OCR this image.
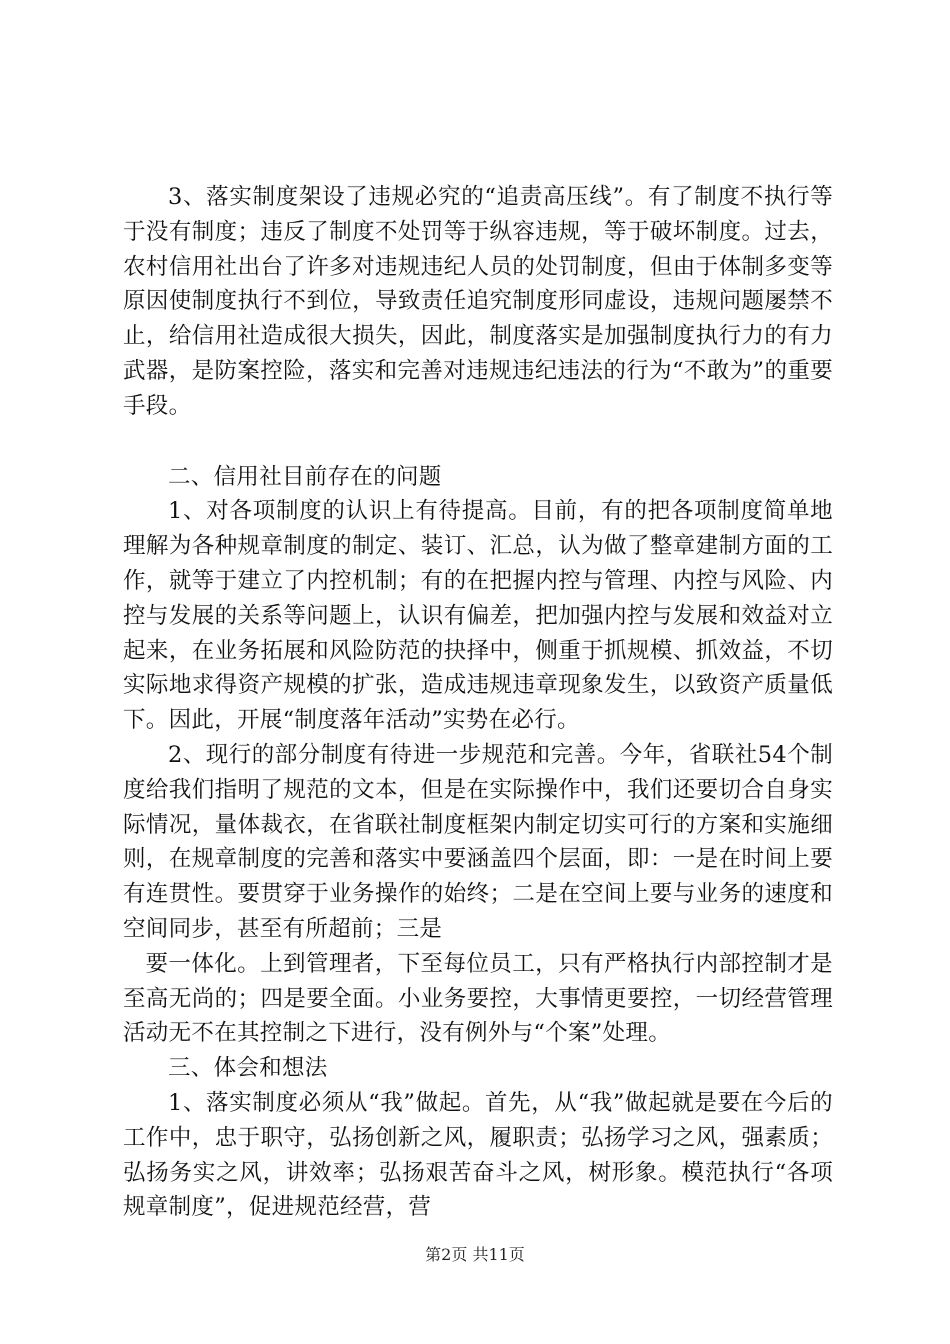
3、落实制度架设了违规必究的“追责高压线”。有了制度不执行等于没有制度；违反了制度不处罚等于纵容违规，等于破坏制度。过去，农村信用社出台了许多对违规违纪人员的处罚制度，但由于体制多变等原因使制度执行不到位，导致责任追究制度形同虚设，违规问题屡禁不止，给信用社造成很大损失，因此，制度落实是加强制度执行力的有力武器，是防案控险，落实和完善对违规违纪违法的行为“不敢为”的重要手段。

二、信用社目前存在的问题

1、对各项制度的认识上有待提高。目前，有的把各项制度简单地理解为各种规章制度的制定、装订、汇总，认为做了整章建制方面的工作，就等于建立了内控机制；有的在把握内控与管理、内控与风险、内控与发展的关系等问题上，认识有偏差，把加强内控与发展和效益对立起来，在业务拓展和风险防范的抉择中，侧重于抓规模、抓效益，不切实际地求得资产规模的扩张，造成违规违章现象发生，以致资产质量低下。因此，开展“制度落年活动”实势在必行。

2、现行的部分制度有待进一步规范和完善。今年，省联社54个制度给我们指明了规范的文本，但是在实际操作中，我们还要切合自身实际情况，量体裁衣，在省联社制度框架内制定切实可行的方案和实施细则，在规章制度的完善和落实中要涵盖四个层面，即：一是在时间上要有连贯性。要贯穿于业务操作的始终；二是在空间上要与业务的速度和空间同步，甚至有所超前；三是

要一体化。上到管理者，下至每位员工，只有严格执行内部控制才是至高无尚的；四是要全面。小业务要控，大事情更要控，一切经营管理活动无不在其控制之下进行，没有例外与“个案”处理。

三、体会和想法

1、落实制度必须从“我”做起。首先，从“我”做起就是要在今后的工作中，忠于职守，弘扬创新之风，履职责；弘扬学习之风，强素质；弘扬务实之风，讲效率；弘扬艰苦奋斗之风，树形象。模范执行“各项规章制度”，促进规范经营，营

第2页 共11页
